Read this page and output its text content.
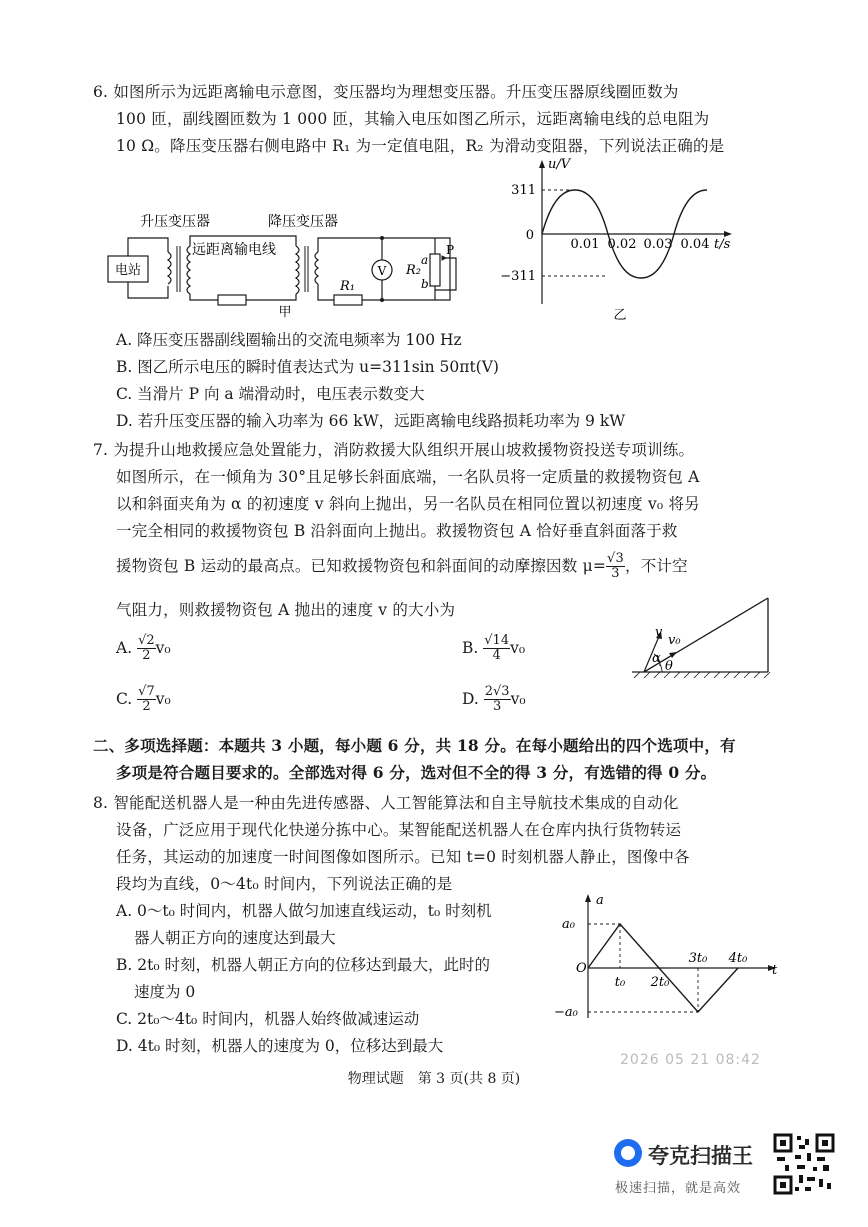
6. 如图所示为远距离输电示意图，变压器均为理想变压器。升压变压器原线圈匝数为
100 匝，副线圈匝数为 1 000 匝，其输入电压如图乙所示，远距离输电线的总电阻为
10 Ω。降压变压器右侧电路中 R₁ 为一定值电阻，R₂ 为滑动变阻器，下列说法正确的是
升压变压器	降压变压器
电站
远距离输电线
R₁
V R₂
a
b
P
甲
u/V
t/s
0
311
−311
0.01 0.02 0.03 0.04
乙
A. 降压变压器副线圈输出的交流电频率为 100 Hz
B. 图乙所示电压的瞬时值表达式为 u=311sin 50πt(V)
C. 当滑片 P 向 a 端滑动时，电压表示数变大
D. 若升压变压器的输入功率为 66 kW，远距离输电线路损耗功率为 9 kW
7. 为提升山地救援应急处置能力，消防救援大队组织开展山坡救援物资投送专项训练。
如图所示，在一倾角为 30°且足够长斜面底端，一名队员将一定质量的救援物资包 A
以和斜面夹角为 α 的初速度 v 斜向上抛出，另一名队员在相同位置以初速度 v₀ 将另
一完全相同的救援物资包 B 沿斜面向上抛出。救援物资包 A 恰好垂直斜面落于救
援物资包 B 运动的最高点。已知救援物资包和斜面间的动摩擦因数 $\mu= \frac{√3}{3}$ ，不计空
气阻力，则救援物资包 A 抛出的速度 v 的大小为
A. $\frac{√2}{2} v_0$	B. $\frac{√14}{4} v_0$
C. $\frac{√7}{2} v_0$	D. $\frac{2√3}{3} v_0$
v
v₀
α
θ
二、多项选择题：本题共 3 小题，每小题 6 分，共 18 分。在每小题给出的四个选项中，有
多项是符合题目要求的。全部选对得 6 分，选对但不全的得 3 分，有选错的得 0 分。
8. 智能配送机器人是一种由先进传感器、人工智能算法和自主导航技术集成的自动化
设备，广泛应用于现代化快递分拣中心。某智能配送机器人在仓库内执行货物转运
任务，其运动的加速度一时间图像如图所示。已知 t=0 时刻机器人静止，图像中各
段均为直线，0～4t₀ 时间内，下列说法正确的是
A. 0～t₀ 时间内，机器人做匀加速直线运动，t₀ 时刻机
器人朝正方向的速度达到最大
B. 2t₀ 时刻，机器人朝正方向的位移达到最大，此时的
速度为 0
C. 2t₀～4t₀ 时间内，机器人始终做减速运动
D. 4t₀ 时刻，机器人的速度为 0，位移达到最大
a
t
O
a₀
−a₀
t₀ 2t₀
3t₀ 4t₀
2026 05 21 08:42
物理试题　第 3 页(共 8 页)
夸克扫描王
极速扫描，就是高效
